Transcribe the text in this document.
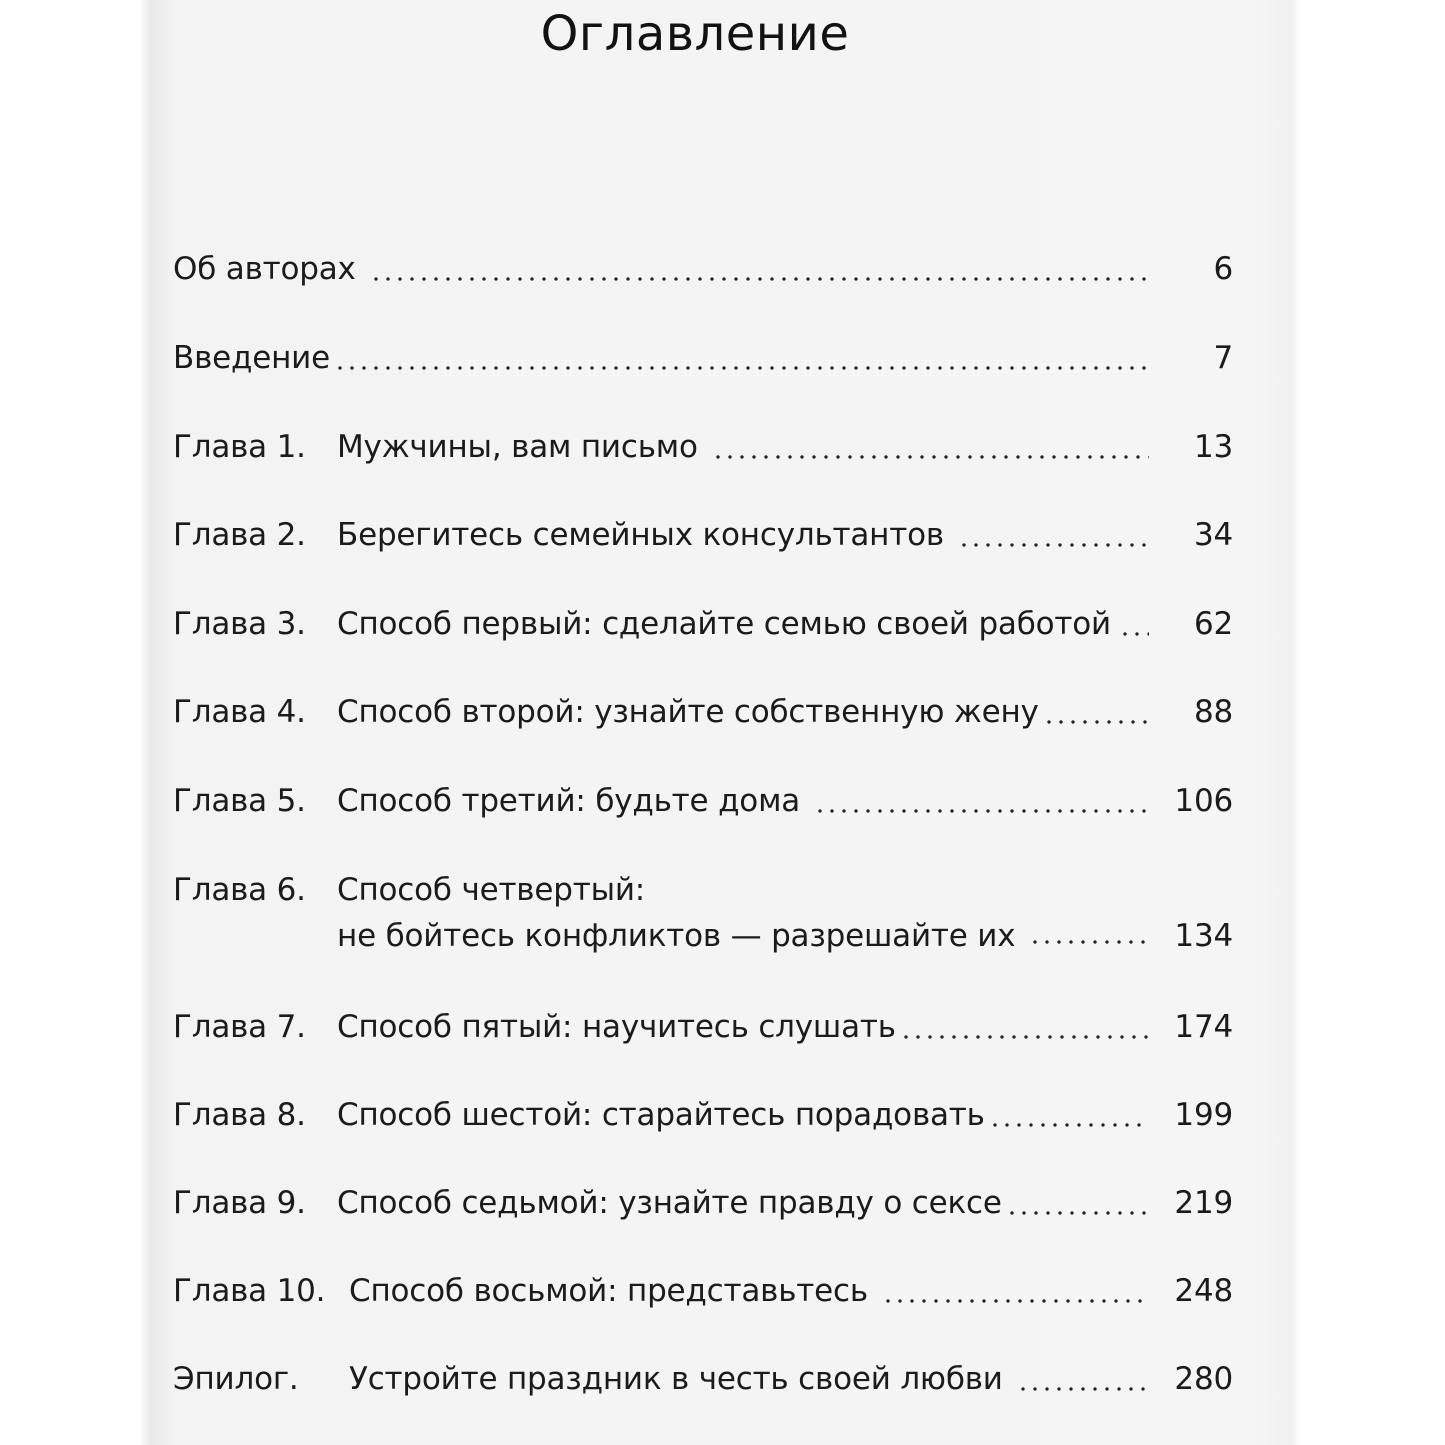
Оглавление
Об авторах	6
Введение	7
Глава 1.	Мужчины, вам письмо	13
Глава 2.	Берегитесь семейных консультантов	34
Глава 3.	Способ первый: сделайте семью своей работой	62
Глава 4.	Способ второй: узнайте собственную жену	88
Глава 5.	Способ третий: будьте дома	106
Глава 6.	Способ четвертый:
не бойтесь конфликтов — разрешайте их	134
Глава 7.	Способ пятый: научитесь слушать	174
Глава 8.	Способ шестой: старайтесь порадовать	199
Глава 9.	Способ седьмой: узнайте правду о сексе	219
Глава 10. Способ восьмой: представьтесь	248
Эпилог.	Устройте праздник в честь своей любви	280
